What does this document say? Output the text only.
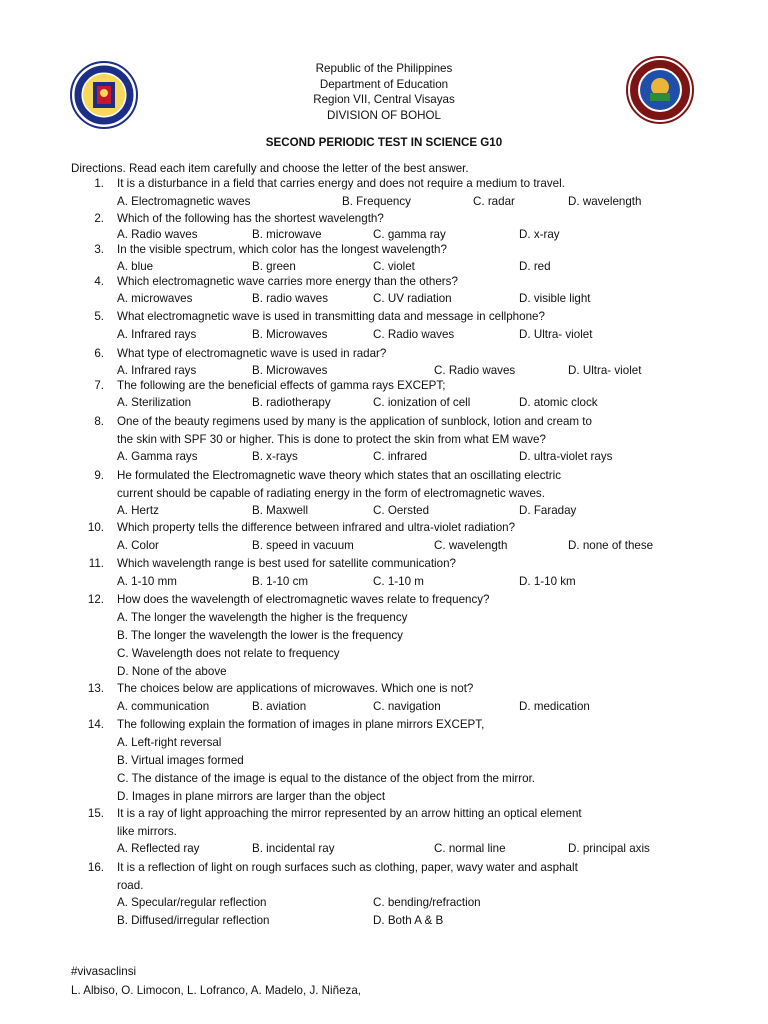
Republic of the Philippines
Department of Education
Region VII, Central Visayas
DIVISION OF BOHOL
SECOND PERIODIC TEST IN SCIENCE G10
Directions. Read each item carefully and choose the letter of the best answer.
1. It is a disturbance in a field that carries energy and does not require a medium to travel.
A. Electromagnetic waves	B. Frequency	C. radar	D. wavelength
2. Which of the following has the shortest wavelength?
A. Radio waves	B. microwave	C. gamma ray	D. x-ray
3. In the visible spectrum, which color has the longest wavelength?
A. blue	B. green	C. violet	D. red
4. Which electromagnetic wave carries more energy than the others?
A. microwaves	B. radio waves	C. UV radiation	D. visible light
5. What electromagnetic wave is used in transmitting data and message in cellphone?
A. Infrared rays	B. Microwaves	C. Radio waves	D. Ultra- violet
6. What type of electromagnetic wave is used in radar?
A. Infrared rays	B. Microwaves	C. Radio waves	D. Ultra- violet
7. The following are the beneficial effects of gamma rays EXCEPT;
A. Sterilization	B. radiotherapy	C. ionization of cell	D. atomic clock
8. One of the beauty regimens used by many is the application of sunblock, lotion and cream to
the skin with SPF 30 or higher. This is done to protect the skin from what EM wave?
A. Gamma rays	B. x-rays	C. infrared	D. ultra-violet rays
9. He formulated the Electromagnetic wave theory which states that an oscillating electric
current should be capable of radiating energy in the form of electromagnetic waves.
A. Hertz	B. Maxwell	C. Oersted	D. Faraday
10. Which property tells the difference between infrared and ultra-violet radiation?
A. Color	B. speed in vacuum	C. wavelength	D. none of these
11. Which wavelength range is best used for satellite communication?
A. 1-10 mm	B. 1-10 cm	C. 1-10 m	D. 1-10 km
12. How does the wavelength of electromagnetic waves relate to frequency?
A. The longer the wavelength the higher is the frequency
B. The longer the wavelength the lower is the frequency
C. Wavelength does not relate to frequency
D. None of the above
13. The choices below are applications of microwaves. Which one is not?
A. communication	B. aviation	C. navigation	D. medication
14. The following explain the formation of images in plane mirrors EXCEPT,
A. Left-right reversal
B. Virtual images formed
C. The distance of the image is equal to the distance of the object from the mirror.
D. Images in plane mirrors are larger than the object
15. It is a ray of light approaching the mirror represented by an arrow hitting an optical element
like mirrors.
A. Reflected ray	B. incidental ray	C. normal line	D. principal axis
16. It is a reflection of light on rough surfaces such as clothing, paper, wavy water and asphalt
road.
A. Specular/regular reflection	C. bending/refraction
B. Diffused/irregular reflection	D. Both A & B
#vivasaclinsi
L. Albiso, O. Limocon, L. Lofranco, A. Madelo, J. Niñeza,
